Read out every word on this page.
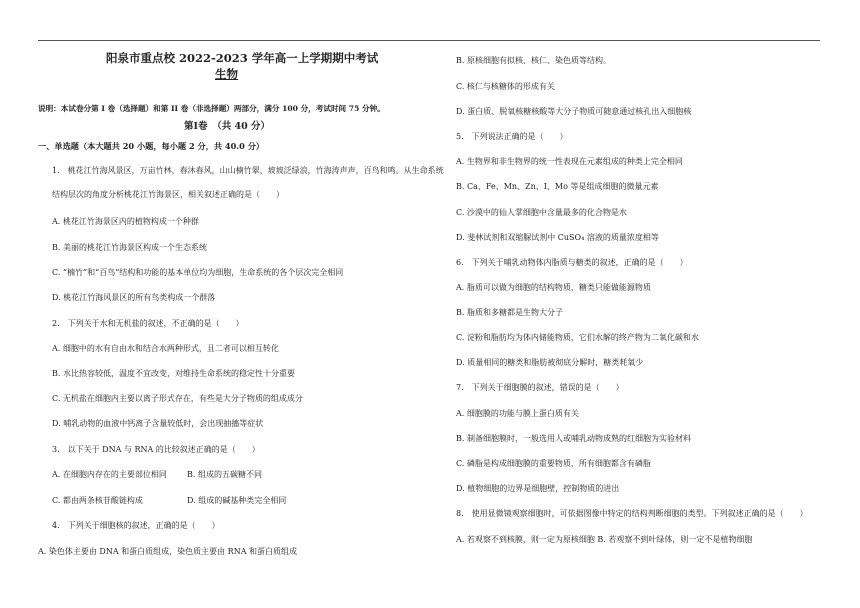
阳泉市重点校 2022-2023 学年高一上学期期中考试
生物
说明：本试卷分第 I 卷（选择题）和第 II 卷（非选择题）两部分，满分 100 分，考试时间 75 分钟。
第Ⅰ卷　（共 40 分）
一、单选题（本大题共 20 小题，每小题 2 分，共 40.0 分）
1.　桃花江竹海风景区，万亩竹林，春沐春风，山山楠竹翠，坡坡泛绿浪，竹海涛声声，百鸟和鸣。从生命系统
结构层次的角度分析桃花江竹海景区，相关叙述正确的是（　　）
A. 桃花江竹海景区内的植物构成一个种群
B. 美丽的桃花江竹海景区构成一个生态系统
C. “楠竹”和“百鸟”结构和功能的基本单位均为细胞，生命系统的各个层次完全相同
D. 桃花江竹海风景区的所有鸟类构成一个群落
2.　下列关于水和无机盐的叙述，不正确的是（　　）
A. 细胞中的水有自由水和结合水两种形式，且二者可以相互转化
B. 水比热容较低，温度不宜改变，对维持生命系统的稳定性十分重要
C. 无机盐在细胞内主要以离子形式存在，有些是大分子物质的组成成分
D. 哺乳动物的血液中钙离子含量较低时，会出现抽搐等症状
3.　以下关于 DNA 与 RNA 的比较叙述正确的是（　　）
A. 在细胞内存在的主要部位相同	B. 组成的五碳糖不同
C. 都由两条核苷酸链构成	D. 组成的碱基种类完全相同
4.　下列关于细胞核的叙述，正确的是（　　）
A. 染色体主要由 DNA 和蛋白质组成，染色质主要由 RNA 和蛋白质组成
B. 原核细胞有拟核、核仁、染色质等结构。
C. 核仁与核糖体的形成有关
D. 蛋白质、脱氧核糖核酸等大分子物质可随意通过核孔出入细胞核
5.　下列说法正确的是（　　）
A. 生物界和非生物界的统一性表现在元素组成的种类上完全相同
B. Ca、Fe、Mn、Zn、I、Mo 等是组成细胞的微量元素
C. 沙漠中的仙人掌细胞中含量最多的化合物是水
D. 斐林试剂和双缩脲试剂中 CuSO₄ 溶液的质量浓度相等
6.　下列关于哺乳动物体内脂质与糖类的叙述，正确的是（　　）
A. 脂质可以做为细胞的结构物质，糖类只能做能源物质
B. 脂质和多糖都是生物大分子
C. 淀粉和脂肪均为体内储能物质，它们水解的终产物为二氧化碳和水
D. 质量相同的糖类和脂肪被彻底分解时，糖类耗氧少
7.　下列关于细胞膜的叙述，错误的是（　　）
A. 细胞膜的功能与膜上蛋白质有关
B. 制备细胞膜时，一般选用人或哺乳动物成熟的红细胞为实验材料
C. 磷脂是构成细胞膜的重要物质，所有细胞都含有磷脂
D. 植物细胞的边界是细胞壁，控制物质的进出
8.　使用显微镜观察细胞时，可依据图像中特定的结构判断细胞的类型。下列叙述正确的是（　　）
A. 若观察不到核膜，则一定为原核细胞 B. 若观察不到叶绿体，则一定不是植物细胞
